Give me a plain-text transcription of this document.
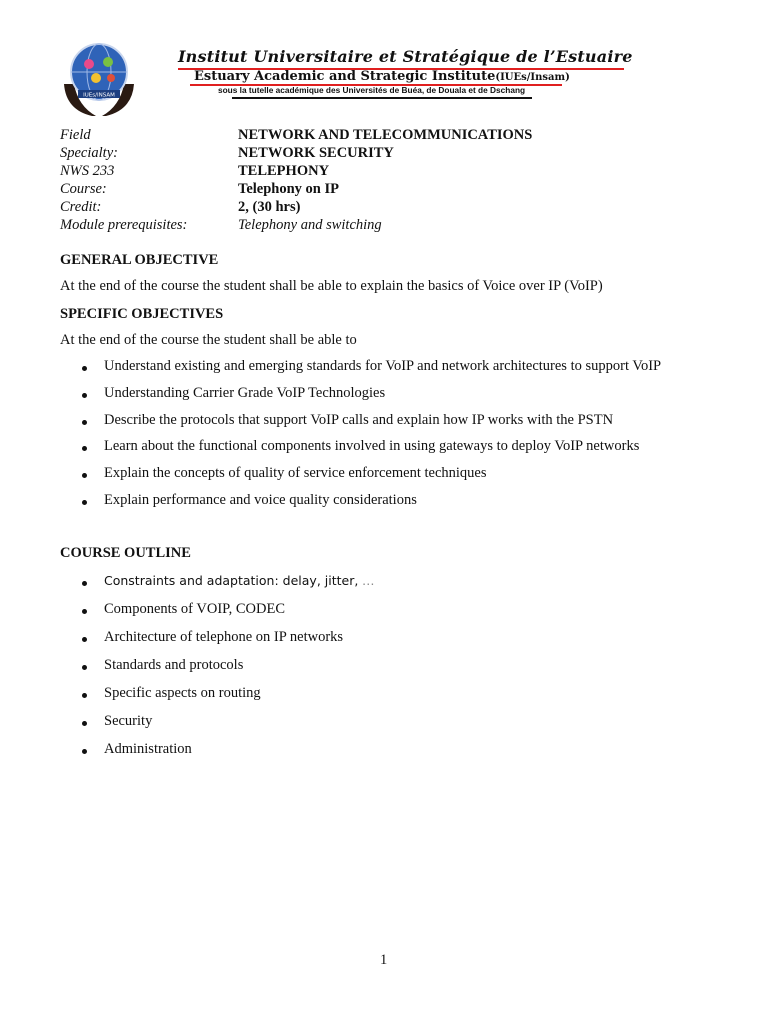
IUEs/INSAM

Institut Universitaire et Stratégique de l’Estuaire

Estuary Academic and Strategic Institute(IUEs/Insam)

sous la tutelle académique des Universités de Buéa, de Douala et de Dschang
Field	NETWORK AND TELECOMMUNICATIONS
Specialty:	NETWORK SECURITY
NWS 233	TELEPHONY
Course:	Telephony on IP
Credit:	2, (30 hrs)
Module prerequisites:	Telephony and switching
GENERAL OBJECTIVE
At the end of the course the student shall be able to explain the basics of Voice over IP (VoIP)
SPECIFIC OBJECTIVES
At the end of the course the student shall be able to
Understand existing and emerging standards for VoIP and network architectures to support VoIP
Understanding Carrier Grade VoIP Technologies
Describe the protocols that support VoIP calls and explain how IP works with the PSTN
Learn about the functional components involved in using gateways to deploy VoIP networks
Explain the concepts of quality of service enforcement techniques
Explain performance and voice quality considerations
COURSE OUTLINE
Constraints and adaptation: delay, jitter, …
Components of VOIP, CODEC
Architecture of telephone on IP networks
Standards and protocols
Specific aspects on routing
Security
Administration
1
